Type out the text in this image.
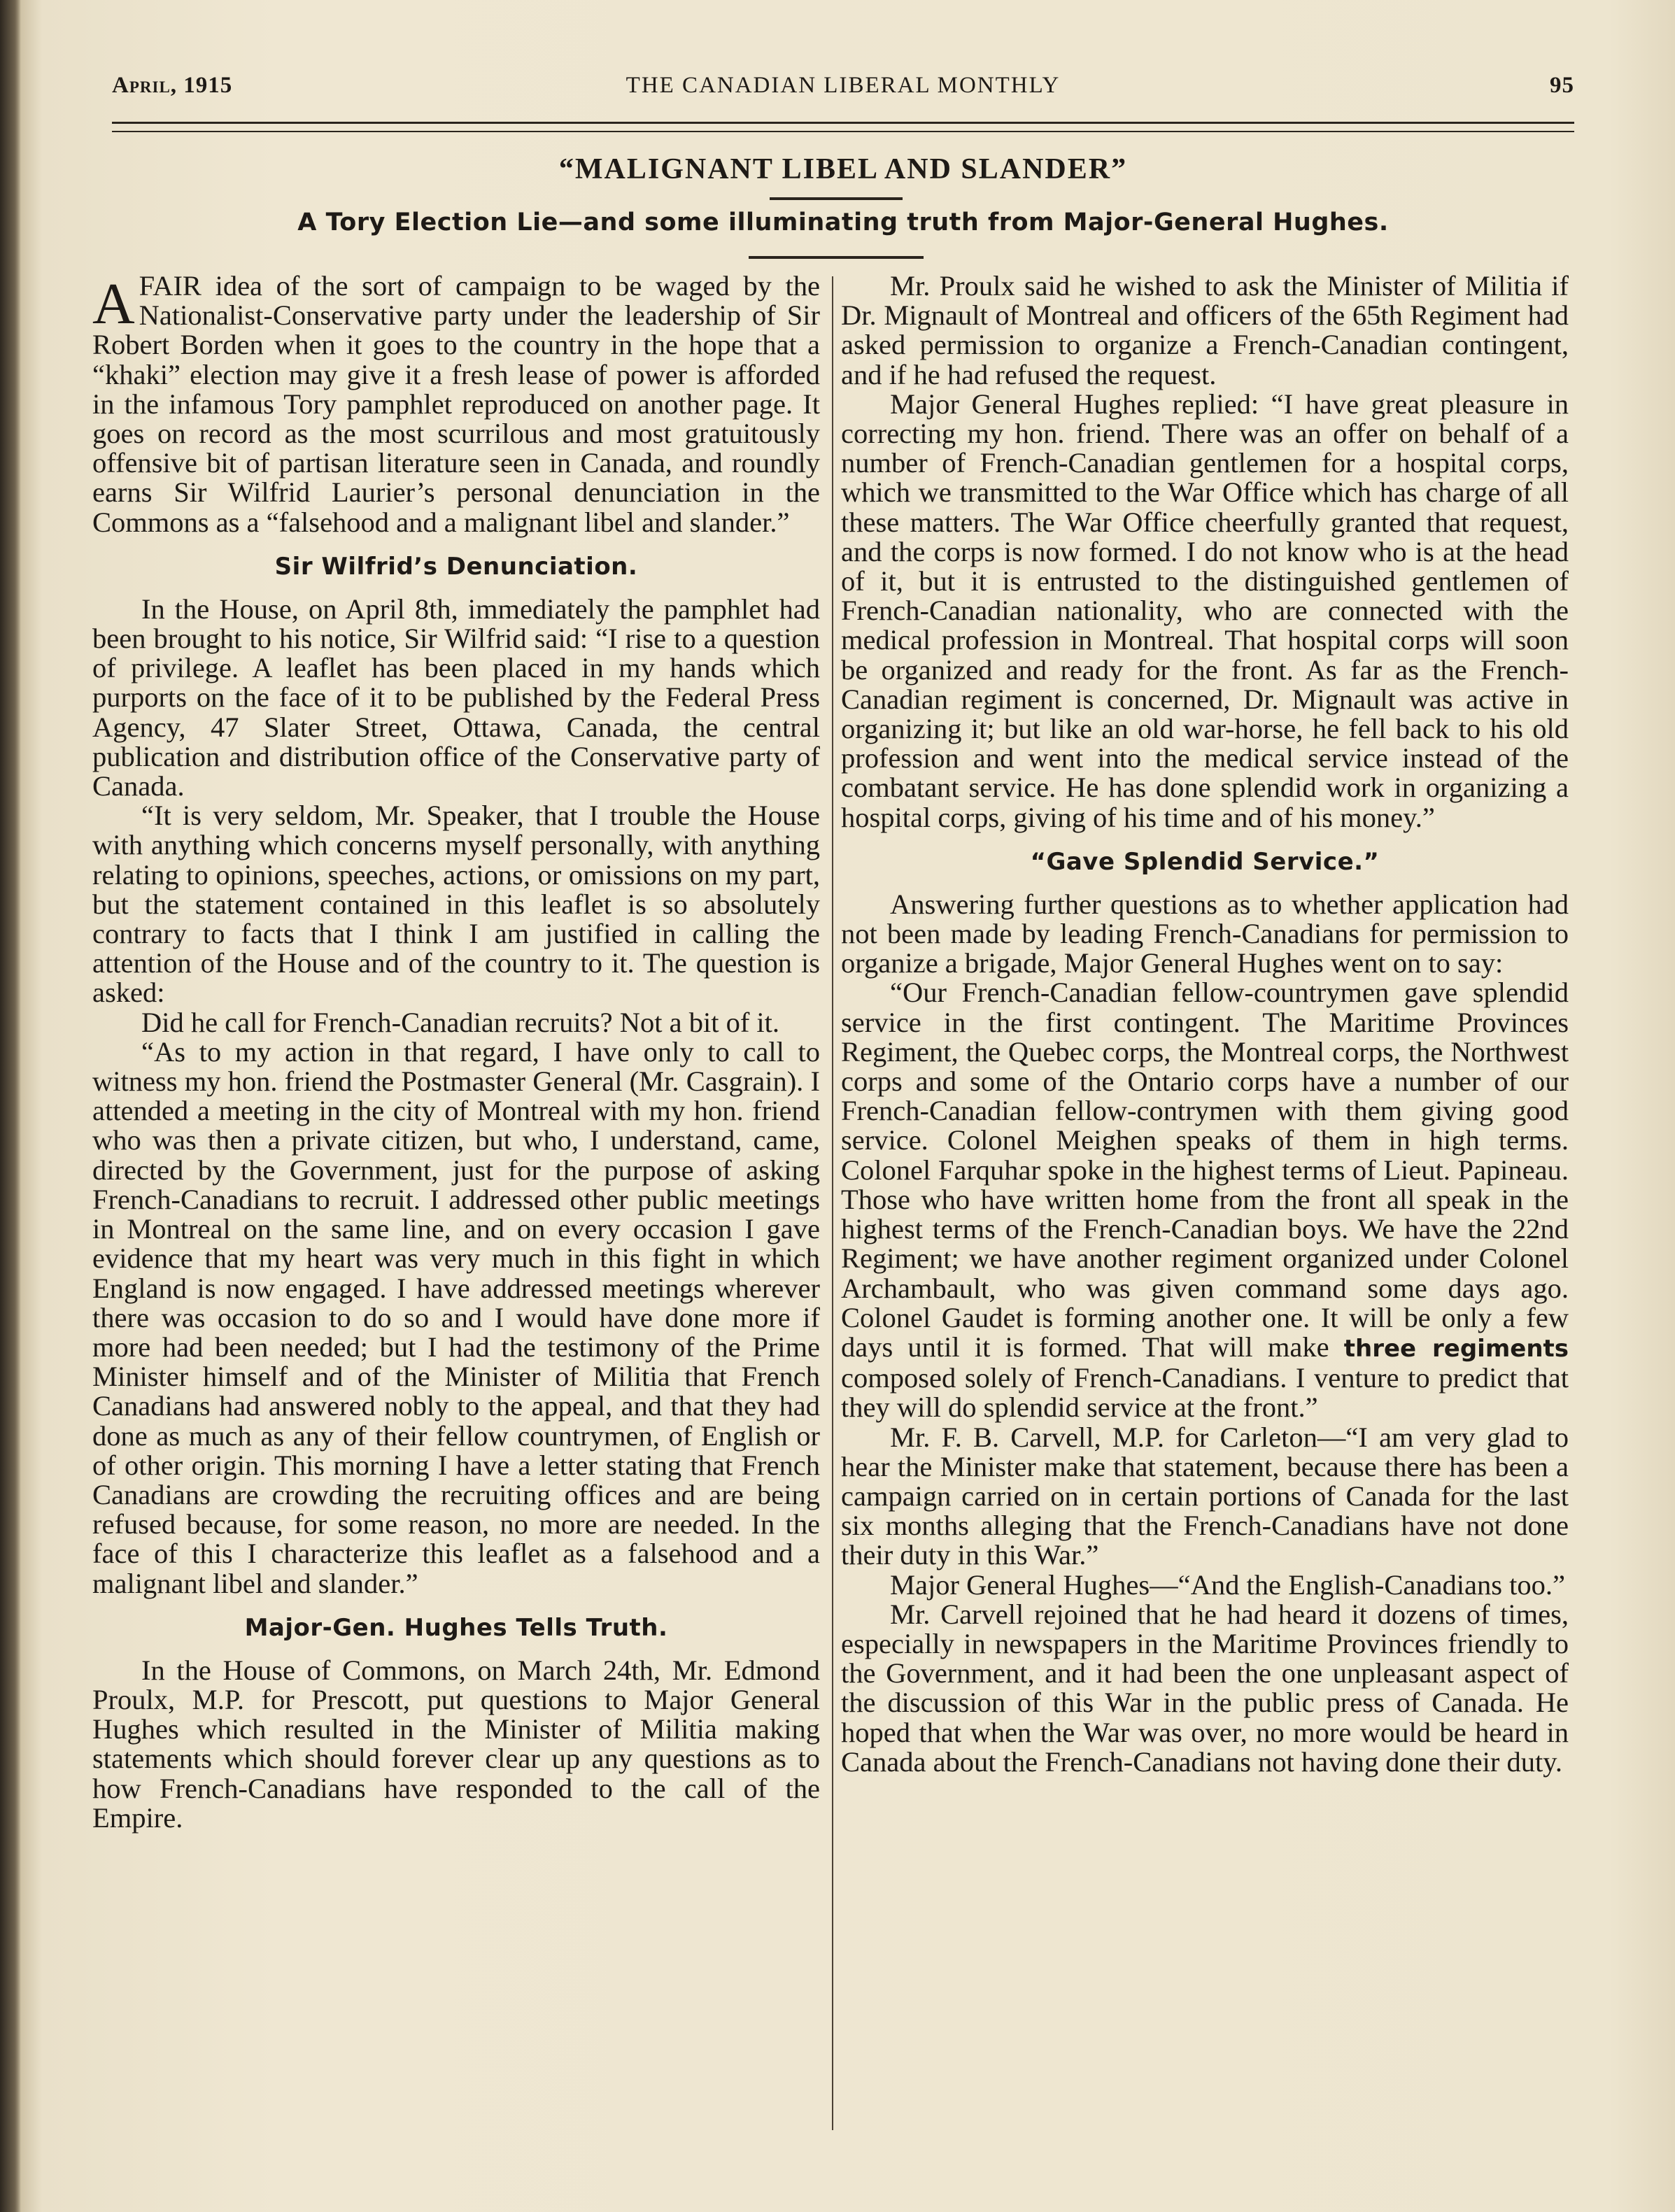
April, 1915	THE CANADIAN LIBERAL MONTHLY	95
“MALIGNANT LIBEL AND SLANDER”
A Tory Election Lie—and some illuminating truth from Major-General Hughes.

AFAIR idea of the sort of campaign to be waged by the Nationalist-Conservative party under the leadership of Sir Robert Borden when it goes to the country in the hope that a “khaki” election may give it a fresh lease of power is afforded in the infamous Tory pamphlet reproduced on another page. It goes on record as the most scurrilous and most gratuitously offensive bit of partisan literature seen in Canada, and roundly earns Sir Wilfrid Laurier’s personal denunciation in the Commons as a “falsehood and a malignant libel and slander.”

Sir Wilfrid’s Denunciation.

In the House, on April 8th, immediately the pamphlet had been brought to his notice, Sir Wilfrid said: “I rise to a question of privilege. A leaflet has been placed in my hands which purports on the face of it to be published by the Federal Press Agency, 47 Slater Street, Ottawa, Canada, the central publication and distribution office of the Conservative party of Canada.

“It is very seldom, Mr. Speaker, that I trouble the House with anything which concerns myself personally, with anything relating to opinions, speeches, actions, or omissions on my part, but the statement contained in this leaflet is so absolutely contrary to facts that I think I am justified in calling the attention of the House and of the country to it. The question is asked:

Did he call for French-Canadian recruits? Not a bit of it.

“As to my action in that regard, I have only to call to witness my hon. friend the Postmaster General (Mr. Casgrain). I attended a meeting in the city of Montreal with my hon. friend who was then a private citizen, but who, I understand, came, directed by the Government, just for the purpose of asking French-Canadians to recruit. I addressed other public meetings in Montreal on the same line, and on every occasion I gave evidence that my heart was very much in this fight in which England is now engaged. I have addressed meetings wherever there was occasion to do so and I would have done more if more had been needed; but I had the testimony of the Prime Minister himself and of the Minister of Militia that French Canadians had answered nobly to the appeal, and that they had done as much as any of their fellow countrymen, of English or of other origin. This morning I have a letter stating that French Canadians are crowding the recruiting offices and are being refused because, for some reason, no more are needed. In the face of this I characterize this leaflet as a falsehood and a malignant libel and slander.”

Major-Gen. Hughes Tells Truth.

In the House of Commons, on March 24th, Mr. Edmond Proulx, M.P. for Prescott, put questions to Major General Hughes which resulted in the Minister of Militia making statements which should forever clear up any questions as to how French-Canadians have responded to the call of the Empire.

Mr. Proulx said he wished to ask the Minister of Militia if Dr. Mignault of Montreal and officers of the 65th Regiment had asked permission to organize a French-Canadian contingent, and if he had refused the request.

Major General Hughes replied: “I have great pleasure in correcting my hon. friend. There was an offer on behalf of a number of French-Canadian gentlemen for a hospital corps, which we transmitted to the War Office which has charge of all these matters. The War Office cheerfully granted that request, and the corps is now formed. I do not know who is at the head of it, but it is entrusted to the distinguished gentlemen of French-Canadian nationality, who are connected with the medical profession in Montreal. That hospital corps will soon be organized and ready for the front. As far as the French-Canadian regiment is concerned, Dr. Mignault was active in organizing it; but like an old war-horse, he fell back to his old profession and went into the medical service instead of the combatant service. He has done splendid work in organizing a hospital corps, giving of his time and of his money.”

“Gave Splendid Service.”

Answering further questions as to whether application had not been made by leading French-Canadians for permission to organize a brigade, Major General Hughes went on to say:

“Our French-Canadian fellow-countrymen gave splendid service in the first contingent. The Maritime Provinces Regiment, the Quebec corps, the Montreal corps, the Northwest corps and some of the Ontario corps have a number of our French-Canadian fellow-contrymen with them giving good service. Colonel Meighen speaks of them in high terms. Colonel Farquhar spoke in the highest terms of Lieut. Papineau. Those who have written home from the front all speak in the highest terms of the French-Canadian boys. We have the 22nd Regiment; we have another regiment organized under Colonel Archambault, who was given command some days ago. Colonel Gaudet is forming another one. It will be only a few days until it is formed. That will make three regiments composed solely of French-Canadians. I venture to predict that they will do splendid service at the front.”

Mr. F. B. Carvell, M.P. for Carleton—“I am very glad to hear the Minister make that statement, because there has been a campaign carried on in certain portions of Canada for the last six months alleging that the French-Canadians have not done their duty in this War.”

Major General Hughes—“And the English-Canadians too.”

Mr. Carvell rejoined that he had heard it dozens of times, especially in newspapers in the Maritime Provinces friendly to the Government, and it had been the one unpleasant aspect of the discussion of this War in the public press of Canada. He hoped that when the War was over, no more would be heard in Canada about the French-Canadians not having done their duty.
